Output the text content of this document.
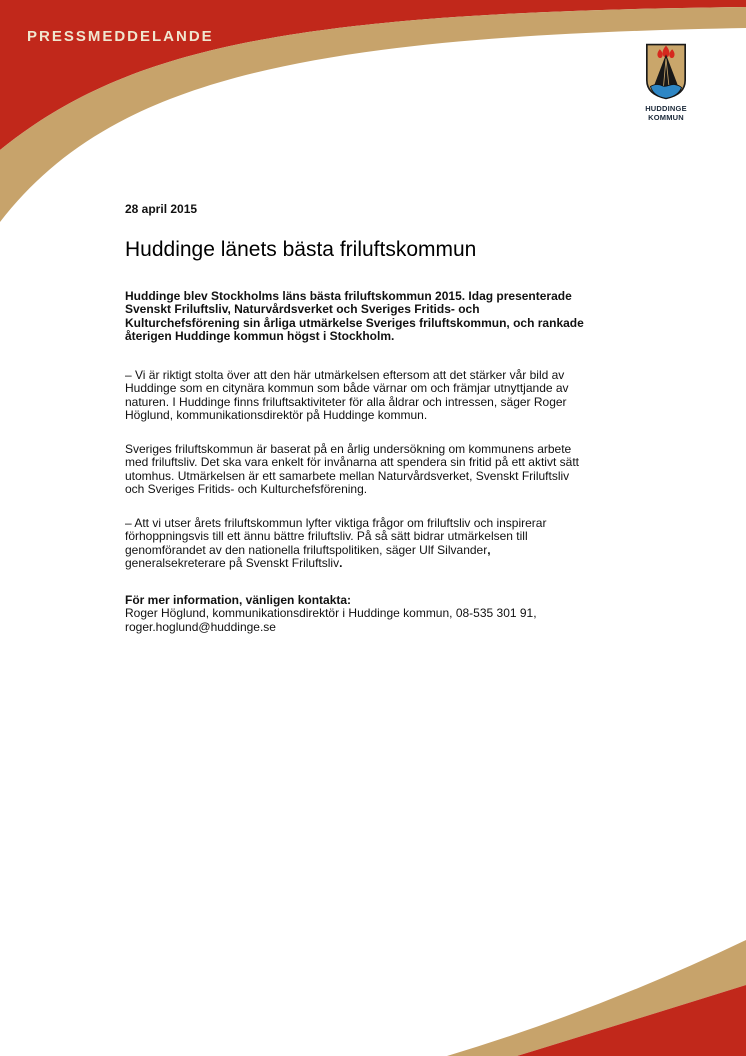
PRESSMEDDELANDE
HUDDINGE
KOMMUN
28 april 2015
Huddinge länets bästa friluftskommun

Huddinge blev Stockholms läns bästa friluftskommun 2015. Idag presenterade Svenskt Friluftsliv, Naturvårdsverket och Sveriges Fritids- och Kulturchefsförening sin årliga utmärkelse Sveriges friluftskommun, och rankade återigen Huddinge kommun högst i Stockholm.

– Vi är riktigt stolta över att den här utmärkelsen eftersom att det stärker vår bild av Huddinge som en citynära kommun som både värnar om och främjar utnyttjande av naturen. I Huddinge finns friluftsaktiviteter för alla åldrar och intressen, säger Roger Höglund, kommunikationsdirektör på Huddinge kommun.

Sveriges friluftskommun är baserat på en årlig undersökning om kommunens arbete med friluftsliv. Det ska vara enkelt för invånarna att spendera sin fritid på ett aktivt sätt utomhus. Utmärkelsen är ett samarbete mellan Naturvårdsverket, Svenskt Friluftsliv och Sveriges Fritids- och Kulturchefsförening.

– Att vi utser årets friluftskommun lyfter viktiga frågor om friluftsliv och inspirerar förhoppningsvis till ett ännu bättre friluftsliv. På så sätt bidrar utmärkelsen till genomförandet av den nationella friluftspolitiken, säger Ulf Silvander, generalsekreterare på Svenskt Friluftsliv.

För mer information, vänligen kontakta:

Roger Höglund, kommunikationsdirektör i Huddinge kommun, 08-535 301 91, roger.hoglund@huddinge.se
